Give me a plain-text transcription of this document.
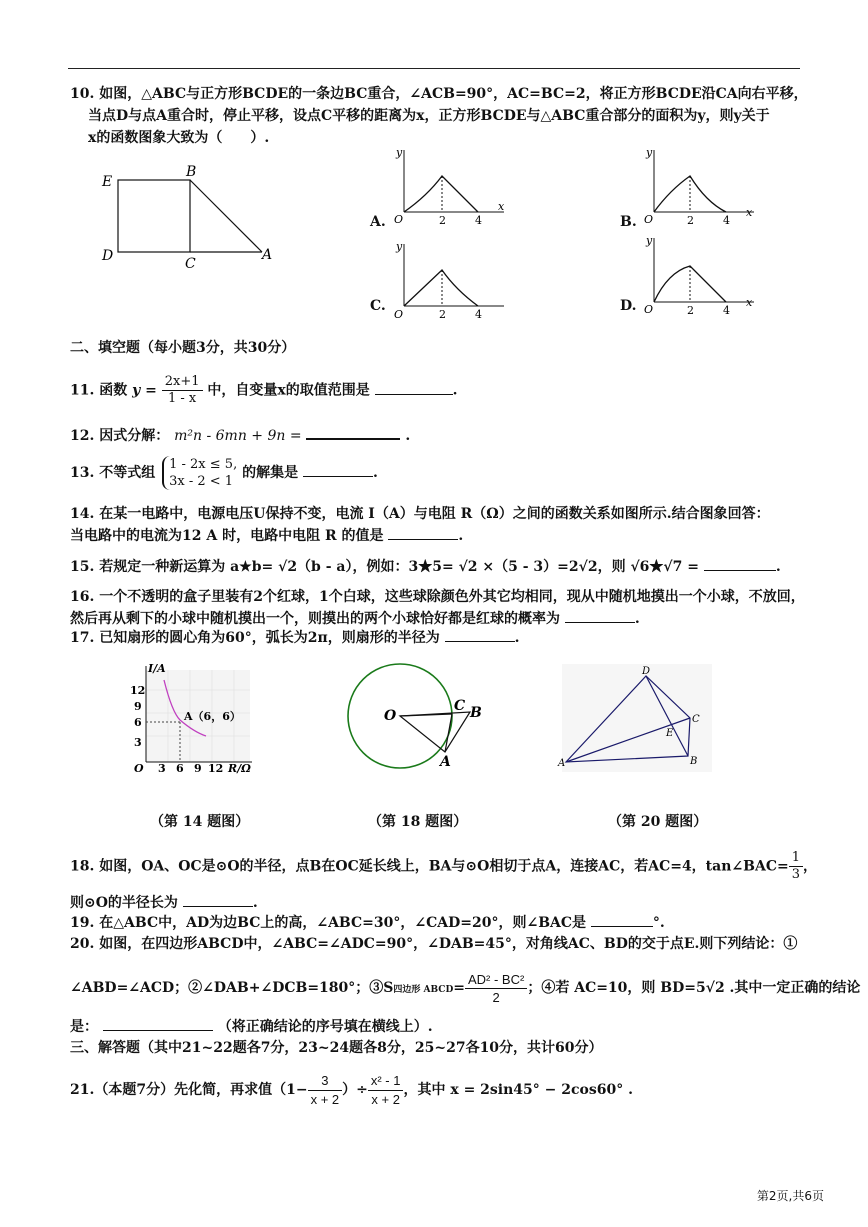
10. 如图，△ABC与正方形BCDE的一条边BC重合，∠ACB=90°，AC=BC=2，将正方形BCDE沿CA向右平移，
当点D与点A重合时，停止平移，设点C平移的距离为x，正方形BCDE与△ABC重合部分的面积为y，则y关于
x的函数图象大致为（　　）.
E
B
D	C
A
A.
y
x
O	2	4	B.
y
x
O	2	4
C.
y
O	2	4
D.
y
x
O	2	4
二、填空题（每小题3分，共30分）
11. 函数 $y = \frac{2x+1}{1 - x}$ 中，自变量x的取值范围是	.
12. 因式分解： m²n - 6mn + 9n =	.
13. 不等式组
1 - 2x ≤ 5,
3x - 2 < 1
的解集是	.
14. 在某一电路中，电源电压U保持不变，电流 I（A）与电阻 R（Ω）之间的函数关系如图所示.结合图象回答：
当电路中的电流为12 A 时，电路中电阻 R 的值是	.
15. 若规定一种新运算为 a★b= √2（b - a），例如：3★5= √2 ×（5 - 3）=2√2，则 √6★√7 =	.
16. 一个不透明的盒子里装有2个红球，1个白球，这些球除颜色外其它均相同，现从中随机地摸出一个小球，不放回，
然后再从剩下的小球中随机摸出一个，则摸出的两个小球恰好都是红球的概率为	.
17. 已知扇形的圆心角为60°，弧长为2π，则扇形的半径为	.
I/A
R/Ω
A（6，6）
12
9
6
3
O 3 6 9 12
（第 14 题图）
O
C B
A
（第 18 题图）
D
C
E
B
A
（第 20 题图）
18. 如图，OA、OC是⊙O的半径，点B在OC延长线上，BA与⊙O相切于点A，连接AC，若AC=4，tan∠BAC= $\frac{1}{3}$ ，
则⊙O的半径长为	.
19. 在△ABC中，AD为边BC上的高，∠ABC=30°，∠CAD=20°，则∠BAC是	°.
20. 如图，在四边形ABCD中，∠ABC=∠ADC=90°，∠DAB=45°，对角线AC、BD的交于点E.则下列结论：①
∠ABD=∠ACD；②∠DAB+∠DCB=180°；③S四边形 ABCD= $\frac{\text{AD² - BC²}}{2}$ ；④若 AC=10，则 BD=5√2 .其中一定正确的结论
是：	（将正确结论的序号填在横线上）.
三、解答题（其中21~22题各7分，23~24题各8分，25~27各10分，共计60分）
21.（本题7分）先化简，再求值（$1- \frac{3}{x + 2}$ ）÷ $\frac{\text{x² - 1}}{x + 2}$ ，其中 x = 2sin45° − 2cos60° .
第2页,共6页
